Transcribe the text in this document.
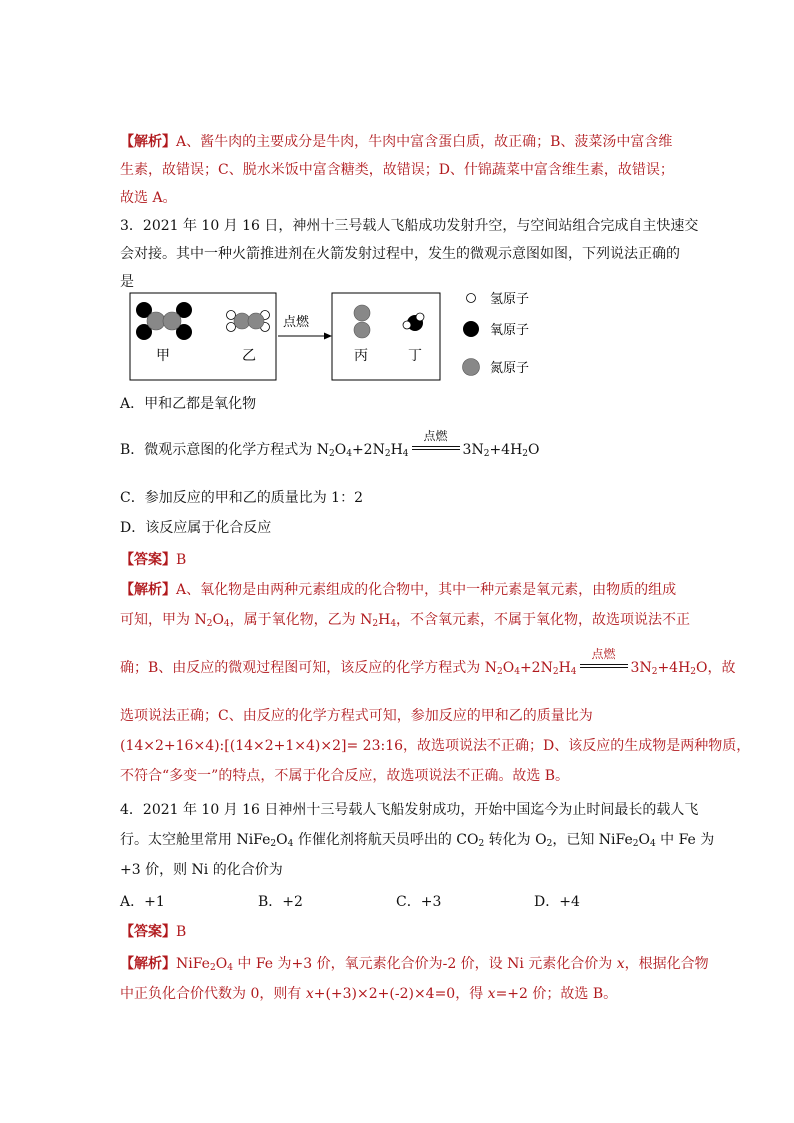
【解析】A、酱牛肉的主要成分是牛肉，牛肉中富含蛋白质，故正确；B、菠菜汤中富含维
生素，故错误；C、脱水米饭中富含糖类，故错误；D、什锦蔬菜中富含维生素，故错误；
故选 A。
3．2021 年 10 月 16 日，神州十三号载人飞船成功发射升空，与空间站组合完成自主快速交
会对接。其中一种火箭推进剂在火箭发射过程中，发生的微观示意图如图，下列说法正确的
是
甲	乙
点燃
丙	丁
氢原子
氧原子
氮原子
A．甲和乙都是氧化物
B．微观示意图的化学方程式为 $N_2O_4+2N_2H_4$
点燃
$3N_2+4H_2O$
C．参加反应的甲和乙的质量比为 1：2
D．该反应属于化合反应
【答案】B
【解析】A、氧化物是由两种元素组成的化合物中，其中一种元素是氧元素，由物质的组成
可知，甲为 $N_2O_4$，属于氧化物，乙为 $N_2H_4$，不含氧元素，不属于氧化物，故选项说法不正
确；B、由反应的微观过程图可知，该反应的化学方程式为 $N_2O_4+2N_2H_4$
点燃
$3N_2+4H_2O$，故
选项说法正确；C、由反应的化学方程式可知，参加反应的甲和乙的质量比为
(14×2+16×4):[(14×2+1×4)×2]= 23:16，故选项说法不正确；D、该反应的生成物是两种物质，
不符合“多变一”的特点，不属于化合反应，故选项说法不正确。故选 B。
4．2021 年 10 月 16 日神州十三号载人飞船发射成功，开始中国迄今为止时间最长的载人飞
行。太空舱里常用 $NiFe_2O_4$ 作催化剂将航天员呼出的 $CO_2$ 转化为 $O_2$，已知 $NiFe_2O_4$ 中 Fe 为
+3 价，则 Ni 的化合价为
A．+1	B．+2	C．+3	D．+4
【答案】B
【解析】$NiFe_2O_4$ 中 Fe 为+3 价，氧元素化合价为-2 价，设 Ni 元素化合价为 x，根据化合物
中正负化合价代数为 0，则有 x+(+3)×2+(-2)×4=0，得 x=+2 价；故选 B。
